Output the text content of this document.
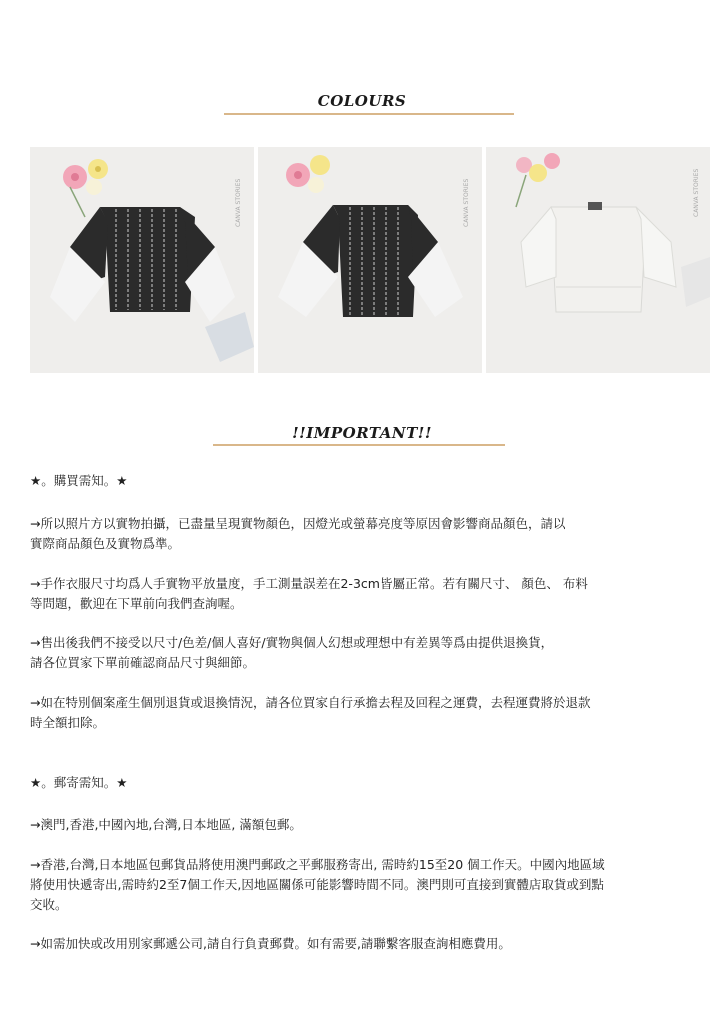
COLOURS
CANVA STORIES	CANVA STORIES	CANVA STORIES
!!IMPORTANT!!
★。購買需知。★
→所以照片方以實物拍攝，已盡量呈現實物顏色，因燈光或螢幕亮度等原因會影響商品顏色，請以
實際商品顏色及實物爲準。
→手作衣服尺寸均爲人手實物平放量度，手工測量誤差在2-3cm皆屬正常。若有關尺寸、 顏色、 布料
等問題，歡迎在下單前向我們查詢喔。
→售出後我們不接受以尺寸/色差/個人喜好/實物與個人幻想或理想中有差異等爲由提供退換貨，
請各位買家下單前確認商品尺寸與細節。
→如在特別個案產生個別退貨或退換情況，請各位買家自行承擔去程及回程之運費，去程運費將於退款
時全額扣除。
★。郵寄需知。★
→澳門,香港,中國內地,台灣,日本地區, 滿額包郵。
→香港,台灣,日本地區包郵貨品將使用澳門郵政之平郵服務寄出, 需時約15至20 個工作天。中國內地區域
將使用快遞寄出,需時約2至7個工作天,因地區關係可能影響時間不同。澳門則可直接到實體店取貨或到點
交收。
→如需加快或改用別家郵遞公司,請自行負責郵費。如有需要,請聯繫客服查詢相應費用。
